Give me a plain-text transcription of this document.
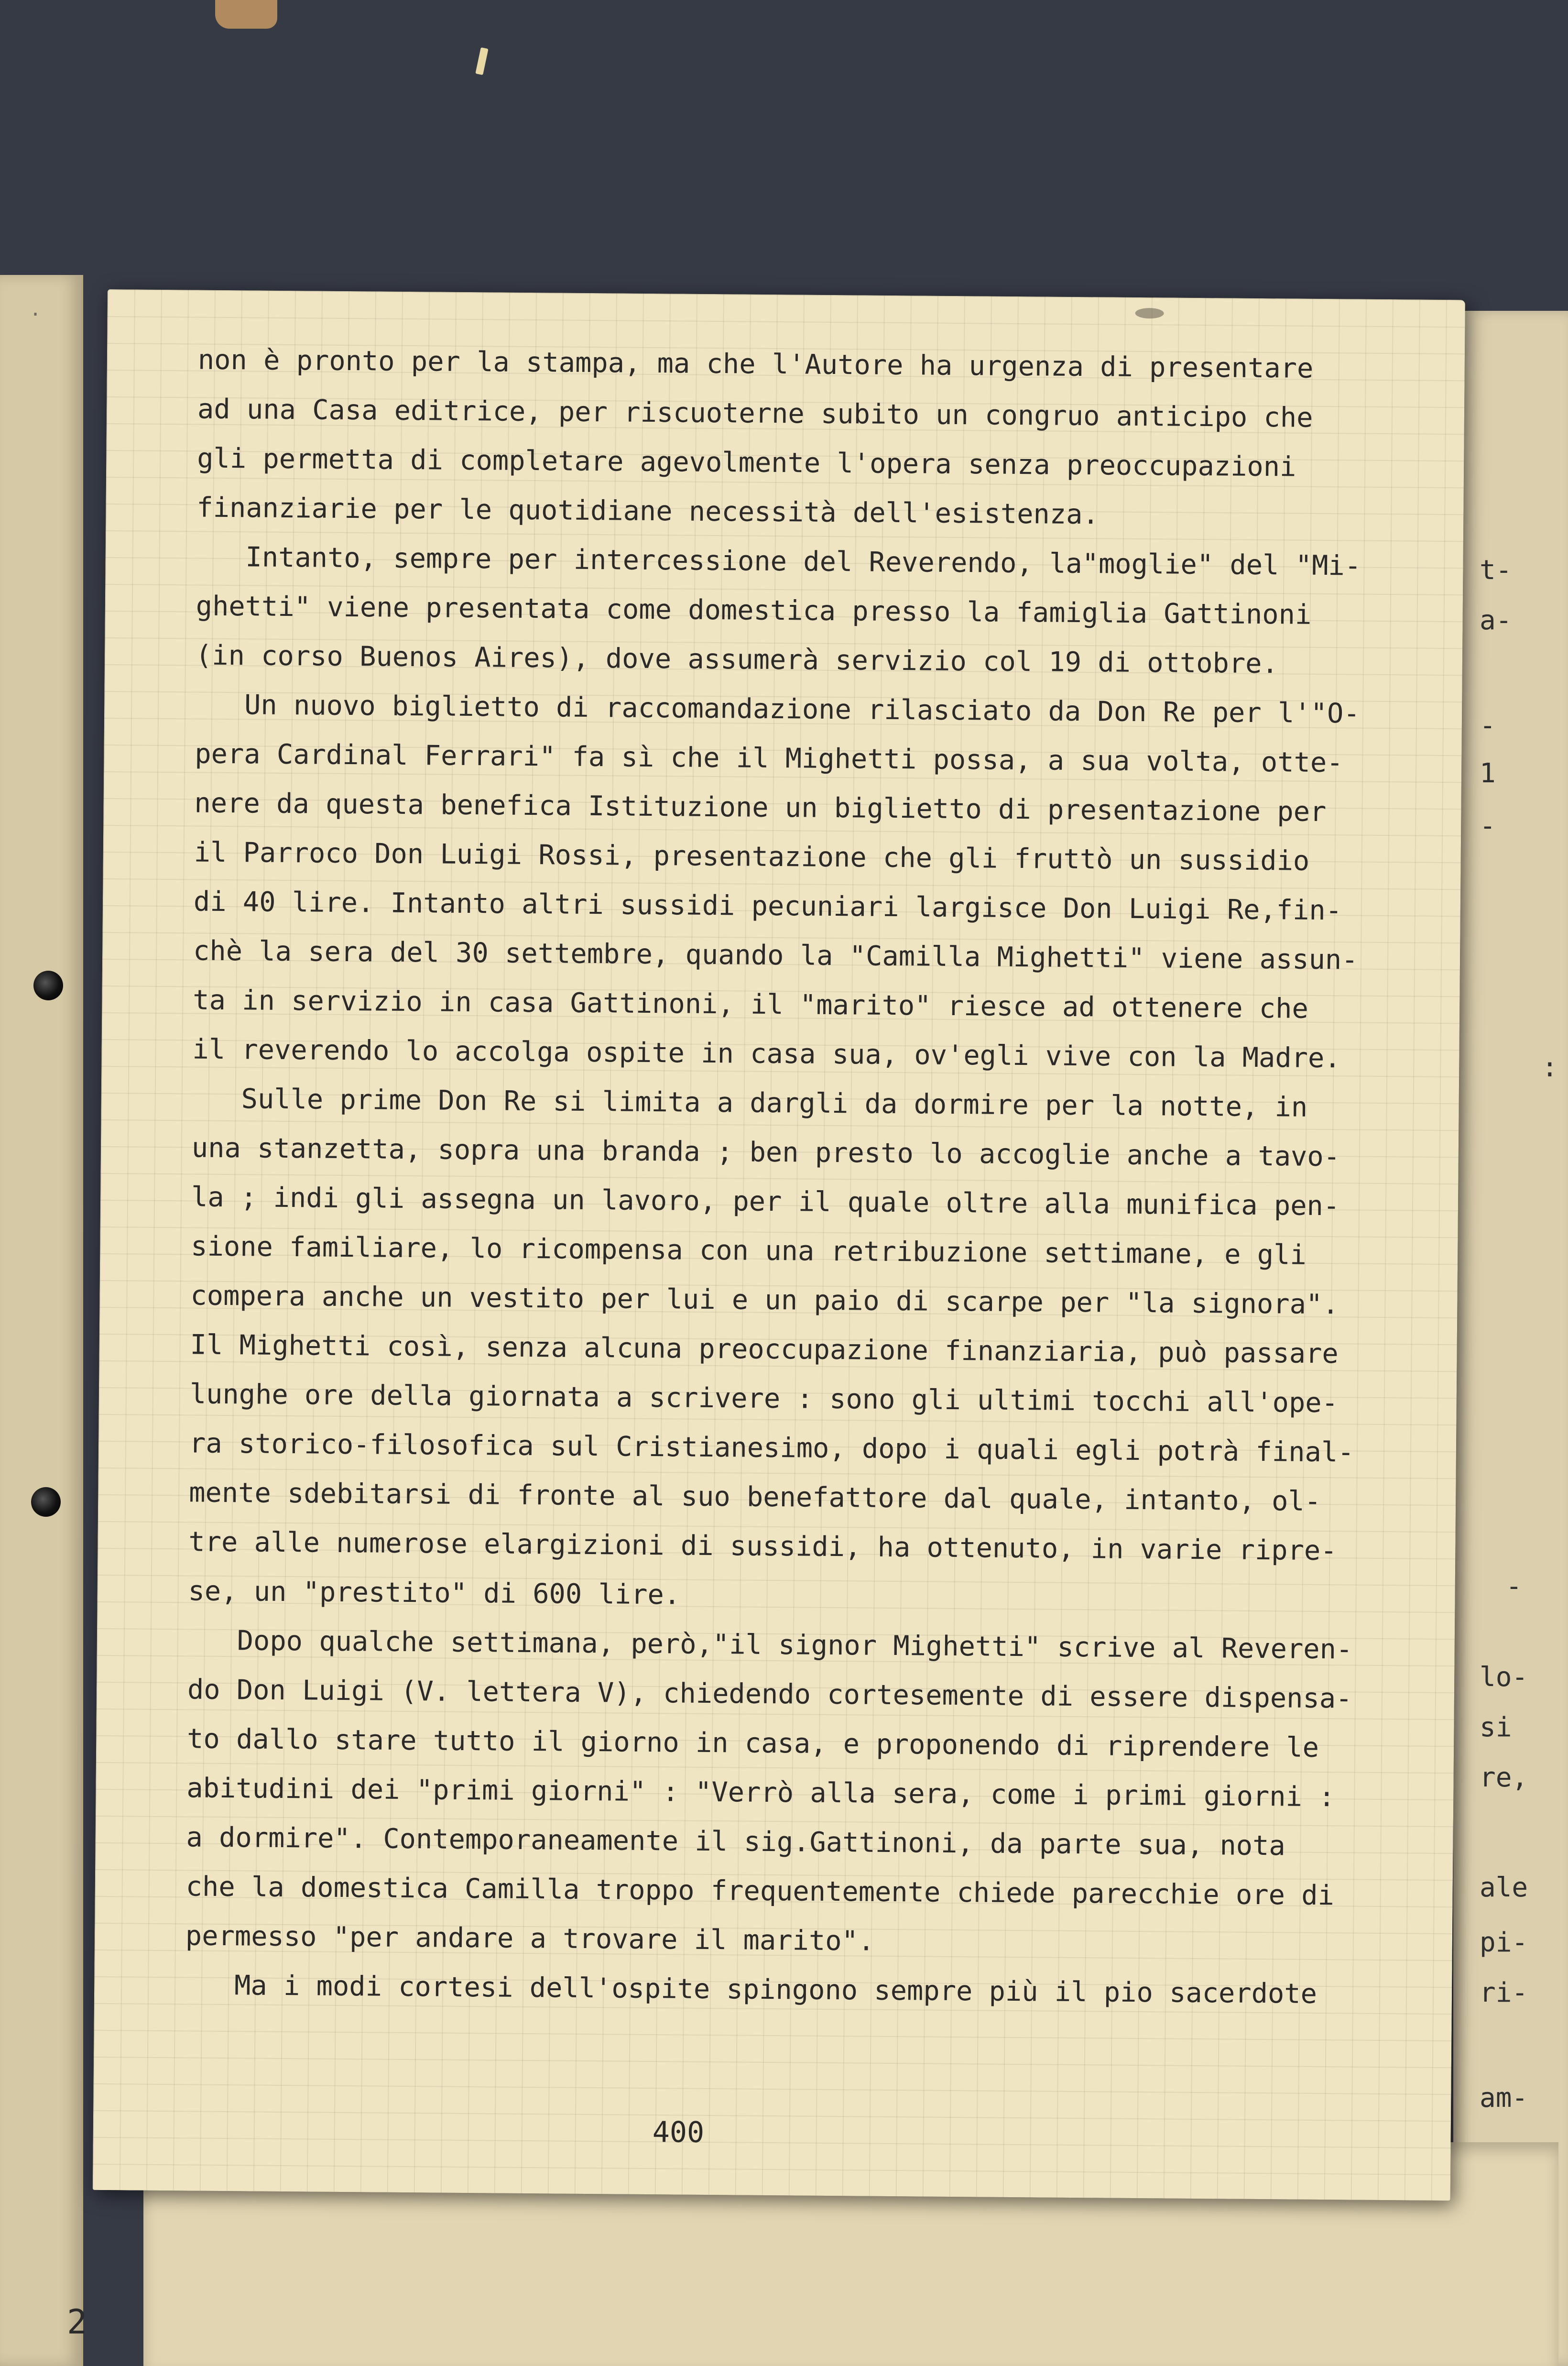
·
2
t-
a-
-
1
-
:
-
lo-
si
re,
ale
pi-
ri-
am-
non è pronto per la stampa, ma che l'Autore ha urgenza di presentare
ad una Casa editrice, per riscuoterne subito un congruo anticipo che
gli permetta di completare agevolmente l'opera senza preoccupazioni
finanziarie per le quotidiane necessità dell'esistenza.
Intanto, sempre per intercessione del Reverendo, la"moglie" del "Mi-
ghetti" viene presentata come domestica presso la famiglia Gattinoni
(in corso Buenos Aires), dove assumerà servizio col 19 di ottobre.
Un nuovo biglietto di raccomandazione rilasciato da Don Re per l'"O-
pera Cardinal Ferrari" fa sì che il Mighetti possa, a sua volta, otte-
nere da questa benefica Istituzione un biglietto di presentazione per
il Parroco Don Luigi Rossi, presentazione che gli fruttò un sussidio
di 40 lire. Intanto altri sussidi pecuniari largisce Don Luigi Re,fin-
chè la sera del 30 settembre, quando la "Camilla Mighetti" viene assun-
ta in servizio in casa Gattinoni, il "marito" riesce ad ottenere che
il reverendo lo accolga ospite in casa sua, ov'egli vive con la Madre.
Sulle prime Don Re si limita a dargli da dormire per la notte, in
una stanzetta, sopra una branda ; ben presto lo accoglie anche a tavo-
la ; indi gli assegna un lavoro, per il quale oltre alla munifica pen-
sione familiare, lo ricompensa con una retribuzione settimane, e gli
compera anche un vestito per lui e un paio di scarpe per "la signora".
Il Mighetti così, senza alcuna preoccupazione finanziaria, può passare
lunghe ore della giornata a scrivere : sono gli ultimi tocchi all'ope-
ra storico-filosofica sul Cristianesimo, dopo i quali egli potrà final-
mente sdebitarsi di fronte al suo benefattore dal quale, intanto, ol-
tre alle numerose elargizioni di sussidi, ha ottenuto, in varie ripre-
se, un "prestito" di 600 lire.
Dopo qualche settimana, però,"il signor Mighetti" scrive al Reveren-
do Don Luigi (V. lettera V), chiedendo cortesemente di essere dispensa-
to dallo stare tutto il giorno in casa, e proponendo di riprendere le
abitudini dei "primi giorni" : "Verrò alla sera, come i primi giorni :
a dormire". Contemporaneamente il sig.Gattinoni, da parte sua, nota
che la domestica Camilla troppo frequentemente chiede parecchie ore di
permesso "per andare a trovare il marito".
Ma i modi cortesi dell'ospite spingono sempre più il pio sacerdote
400
